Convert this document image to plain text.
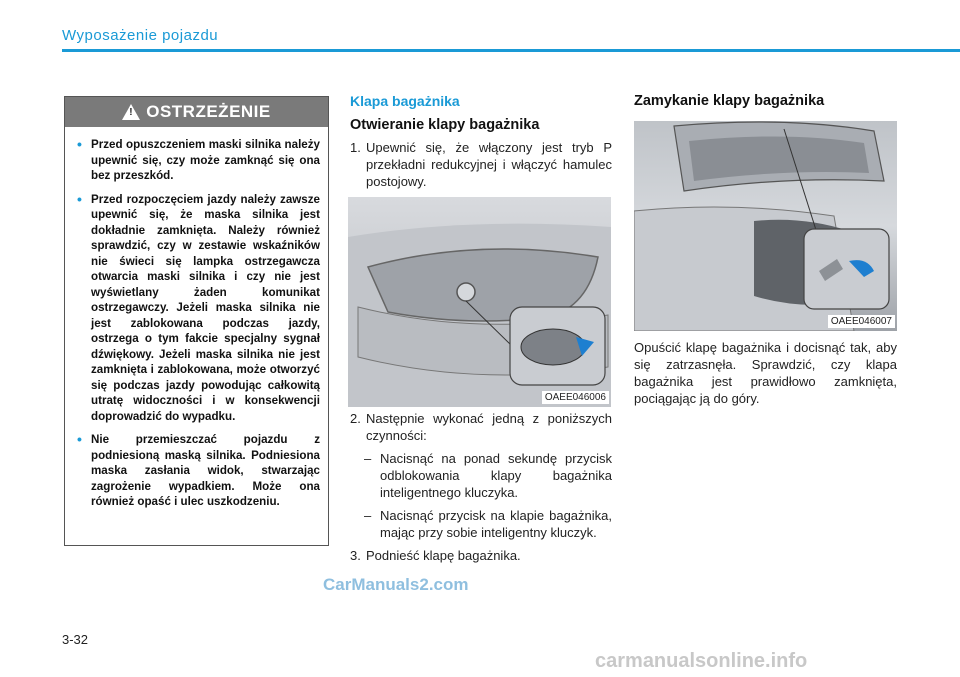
Wyposażenie pojazdu
! OSTRZEŻENIE
• Przed opuszczeniem maski silnika należy upewnić się, czy może zamknąć się ona bez przeszkód.
• Przed rozpoczęciem jazdy należy zawsze upewnić się, że maska silnika jest dokładnie zamknięta. Należy również sprawdzić, czy w zestawie wskaźników nie świeci się lampka ostrzegawcza otwarcia maski silnika i czy nie jest wyświetlany żaden komunikat ostrzegawczy. Jeżeli maska silnika nie jest zablokowana podczas jazdy, ostrzega o tym fakcie specjalny sygnał dźwiękowy. Jeżeli maska silnika nie jest zamknięta i zablokowana, może otworzyć się podczas jazdy powodując całkowitą utratę widoczności i w konsekwencji doprowadzić do wypadku.
• Nie przemieszczać pojazdu z podniesioną maską silnika. Podniesiona maska zasłania widok, stwarzając zagrożenie wypadkiem. Może ona również opaść i ulec uszkodzeniu.
Klapa bagażnika
Otwieranie klapy bagażnika
1. Upewnić się, że włączony jest tryb P przekładni redukcyjnej i włączyć hamulec postojowy.
OAEE046006
2. Następnie wykonać jedną z poniższych czynności:
– Nacisnąć na ponad sekundę przycisk odblokowania klapy bagażnika inteligentnego kluczyka.
– Nacisnąć przycisk na klapie bagażnika, mając przy sobie inteligentny kluczyk.
3. Podnieść klapę bagażnika.
Zamykanie klapy bagażnika
OAEE046007
Opuścić klapę bagażnika i docisnąć tak, aby się zatrzasnęła. Sprawdzić, czy klapa bagażnika jest prawidłowo zamknięta, pociągając ją do góry.
CarManuals2.com
3-32
carmanualsonline.info
